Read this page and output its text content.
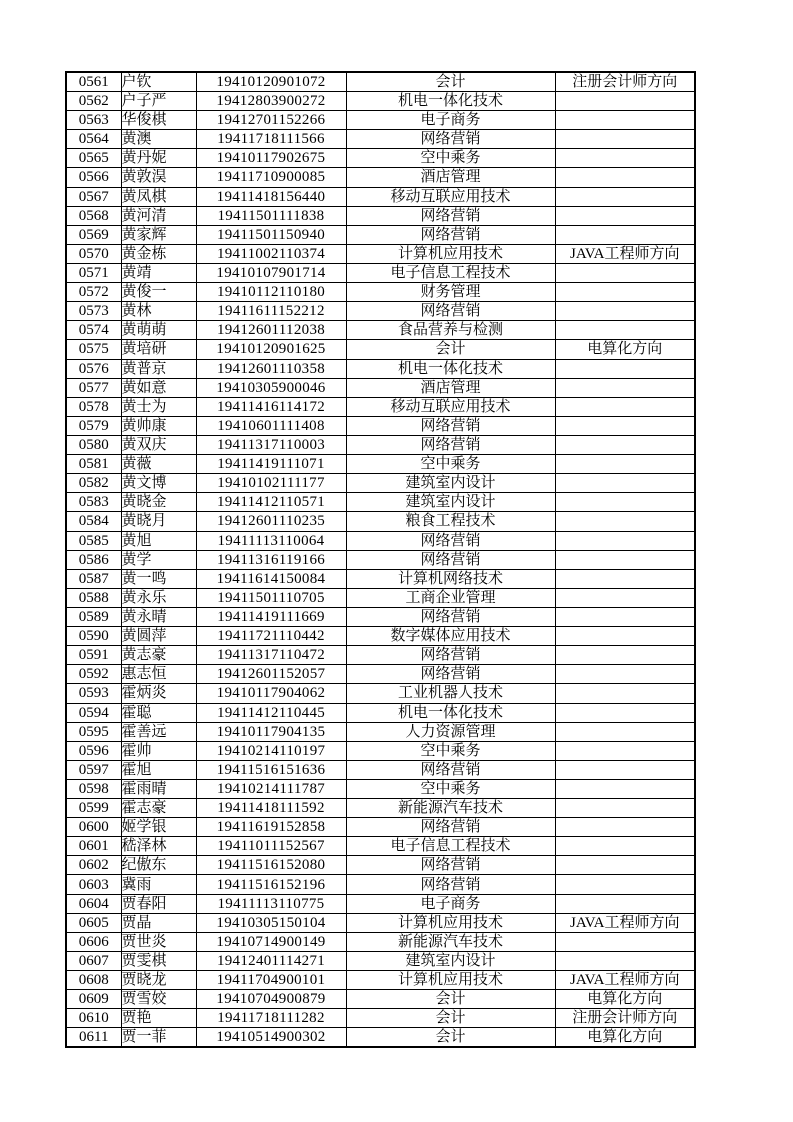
0561	户钦	19410120901072	会计	注册会计师方向
0562	户子严	19412803900272	机电一体化技术	
0563	华俊棋	19412701152266	电子商务	
0564	黄澳	19411718111566	网络营销	
0565	黄丹妮	19410117902675	空中乘务	
0566	黄敦淏	19411710900085	酒店管理	
0567	黄凤棋	19411418156440	移动互联应用技术	
0568	黄河清	19411501111838	网络营销	
0569	黄家辉	19411501150940	网络营销	
0570	黄金栋	19411002110374	计算机应用技术	JAVA工程师方向
0571	黄靖	19410107901714	电子信息工程技术	
0572	黄俊一	19410112110180	财务管理	
0573	黄林	19411611152212	网络营销	
0574	黄萌萌	19412601112038	食品营养与检测	
0575	黄培研	19410120901625	会计	电算化方向
0576	黄普京	19412601110358	机电一体化技术	
0577	黄如意	19410305900046	酒店管理	
0578	黄士为	19411416114172	移动互联应用技术	
0579	黄帅康	19410601111408	网络营销	
0580	黄双庆	19411317110003	网络营销	
0581	黄薇	19411419111071	空中乘务	
0582	黄文博	19410102111177	建筑室内设计	
0583	黄晓金	19411412110571	建筑室内设计	
0584	黄晓月	19412601110235	粮食工程技术	
0585	黄旭	19411113110064	网络营销	
0586	黄学	19411316119166	网络营销	
0587	黄一鸣	19411614150084	计算机网络技术	
0588	黄永乐	19411501110705	工商企业管理	
0589	黄永晴	19411419111669	网络营销	
0590	黄圆萍	19411721110442	数字媒体应用技术	
0591	黄志豪	19411317110472	网络营销	
0592	惠志恒	19412601152057	网络营销	
0593	霍炳炎	19410117904062	工业机器人技术	
0594	霍聪	19411412110445	机电一体化技术	
0595	霍善远	19410117904135	人力资源管理	
0596	霍帅	19410214110197	空中乘务	
0597	霍旭	19411516151636	网络营销	
0598	霍雨晴	19410214111787	空中乘务	
0599	霍志豪	19411418111592	新能源汽车技术	
0600	姬学银	19411619152858	网络营销	
0601	嵇泽林	19411011152567	电子信息工程技术	
0602	纪傲东	19411516152080	网络营销	
0603	冀雨	19411516152196	网络营销	
0604	贾春阳	19411113110775	电子商务	
0605	贾晶	19410305150104	计算机应用技术	JAVA工程师方向
0606	贾世炎	19410714900149	新能源汽车技术	
0607	贾雯棋	19412401114271	建筑室内设计	
0608	贾晓龙	19411704900101	计算机应用技术	JAVA工程师方向
0609	贾雪姣	19410704900879	会计	电算化方向
0610	贾艳	19411718111282	会计	注册会计师方向
0611	贾一菲	19410514900302	会计	电算化方向
